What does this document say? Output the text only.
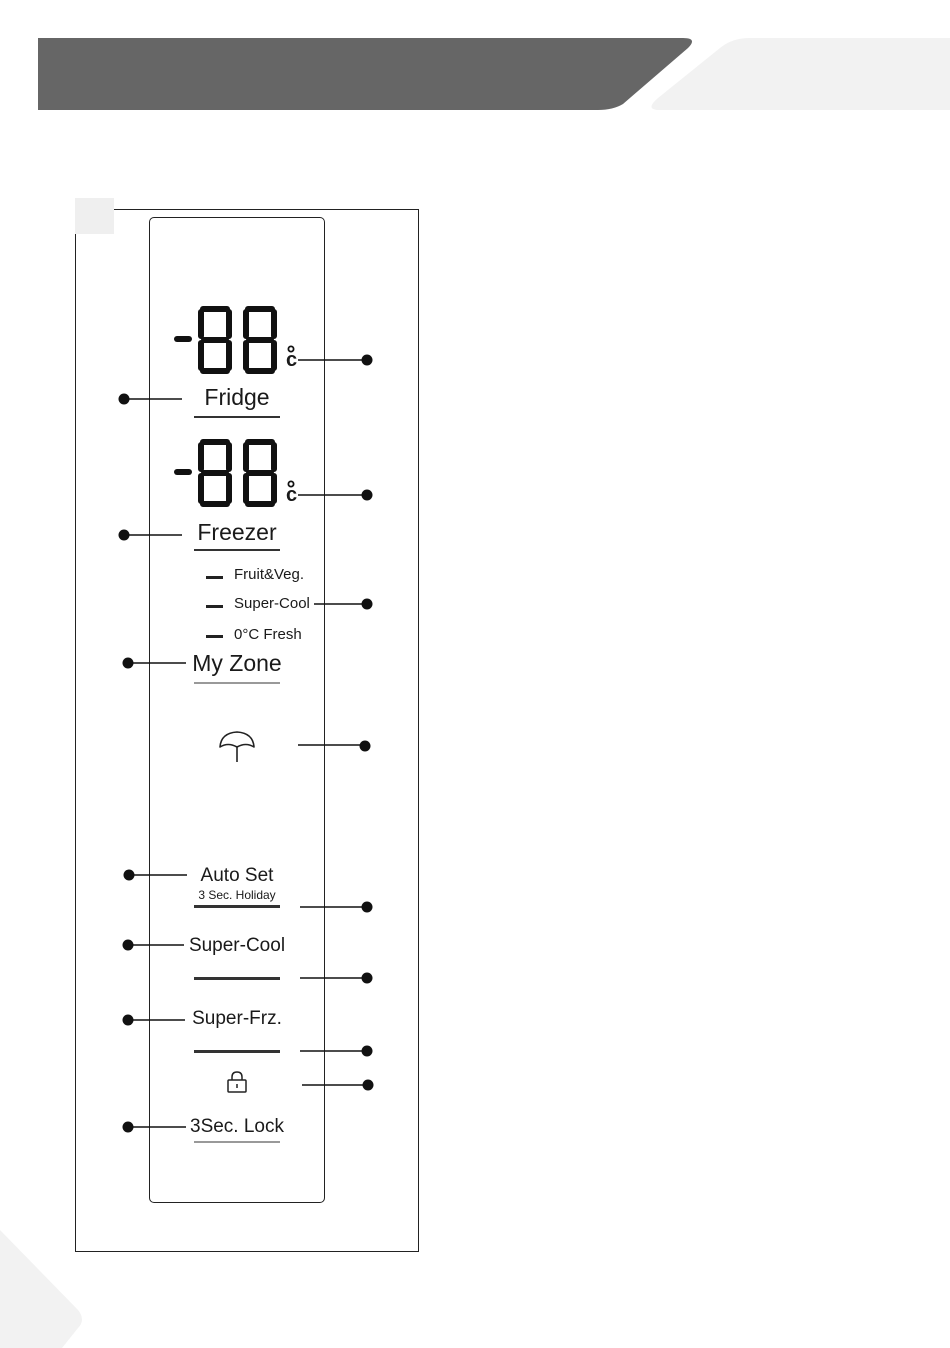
c
Fridge
c
Freezer
Fruit&Veg.
Super-Cool
0°C Fresh
My Zone
Auto Set
3 Sec. Holiday
Super-Cool
Super-Frz.
3Sec. Lock
